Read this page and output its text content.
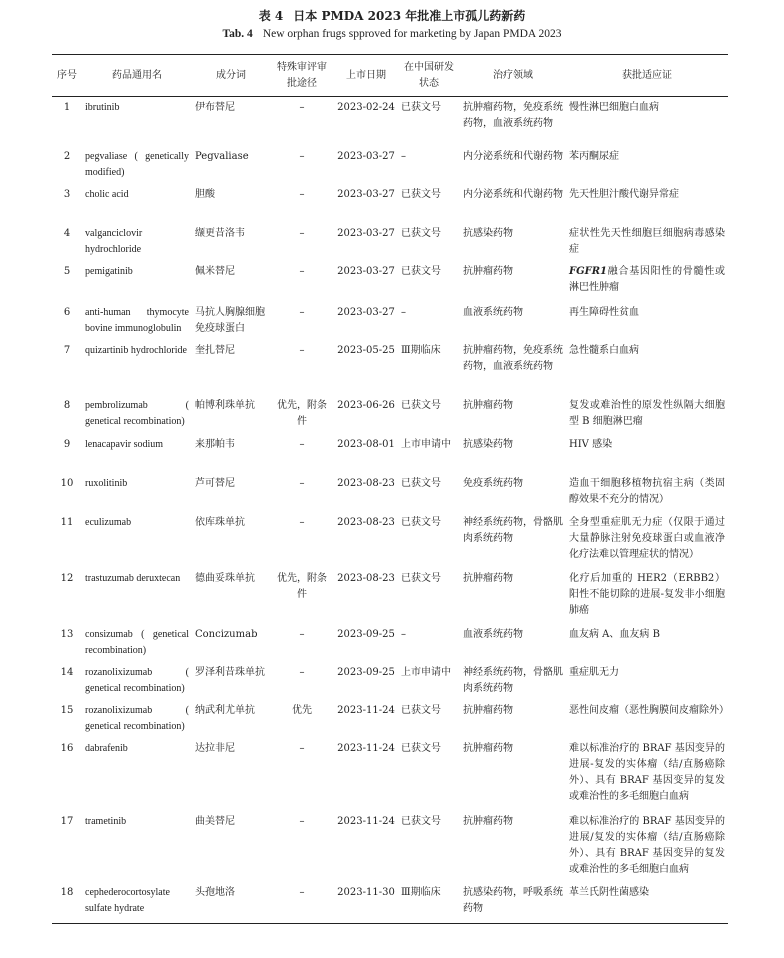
表 4 日本 PMDA 2023 年批准上市孤儿药新药
Tab. 4 New orphan frugs spproved for marketing by Japan PMDA 2023
序号	药品通用名	成分词	特殊审评审批途径	上市日期	在中国研发状态	治疗领域	获批适应证
1	ibrutinib	伊布替尼	–	2023-02-24	已获文号	抗肿瘤药物，免疫系统药物，血液系统药物	慢性淋巴细胞白血病
2	pegvaliase ( genetically modified)	Pegvaliase	–	2023-03-27	–	内分泌系统和代谢药物	苯丙酮尿症
3	cholic acid	胆酸	–	2023-03-27	已获文号	内分泌系统和代谢药物	先天性胆汁酸代谢异常症
4	valganciclovir hydrochloride	缬更昔洛韦	–	2023-03-27	已获文号	抗感染药物	症状性先天性细胞巨细胞病毒感染症
5	pemigatinib	佩米替尼	–	2023-03-27	已获文号	抗肿瘤药物	FGFR1融合基因阳性的骨髓性或淋巴性肿瘤
6	anti-human thymocyte bovine immunoglobulin	马抗人胸腺细胞免疫球蛋白	–	2023-03-27	–	血液系统药物	再生障碍性贫血
7	quizartinib hydrochloride	奎扎替尼	–	2023-05-25	Ⅲ期临床	抗肿瘤药物，免疫系统药物，血液系统药物	急性髓系白血病
8	pembrolizumab ( genetical recombination)	帕博利珠单抗	优先，附条件	2023-06-26	已获文号	抗肿瘤药物	复发或难治性的原发性纵隔大细胞型 B 细胞淋巴瘤
9	lenacapavir sodium	来那帕韦	–	2023-08-01	上市申请中	抗感染药物	HIV 感染
10	ruxolitinib	芦可替尼	–	2023-08-23	已获文号	免疫系统药物	造血干细胞移植物抗宿主病（类固醇效果不充分的情况）
11	eculizumab	依库珠单抗	–	2023-08-23	已获文号	神经系统药物，骨骼肌肉系统药物	全身型重症肌无力症（仅限于通过大量静脉注射免疫球蛋白或血液净化疗法难以管理症状的情况）
12	trastuzumab deruxtecan	德曲妥珠单抗	优先，附条件	2023-08-23	已获文号	抗肿瘤药物	化疗后加重的 HER2（ERBB2）阳性不能切除的进展-复发非小细胞肺癌
13	consizumab ( genetical recombination)	Concizumab	–	2023-09-25	–	血液系统药物	血友病 A、血友病 B
14	rozanolixizumab ( genetical recombination)	罗泽利昔珠单抗	–	2023-09-25	上市申请中	神经系统药物，骨骼肌肉系统药物	重症肌无力
15	rozanolixizumab ( genetical recombination)	纳武利尤单抗	优先	2023-11-24	已获文号	抗肿瘤药物	恶性间皮瘤（恶性胸膜间皮瘤除外）
16	dabrafenib	达拉非尼	–	2023-11-24	已获文号	抗肿瘤药物	难以标准治疗的 BRAF 基因变异的进展-复发的实体瘤（结/直肠癌除外）、具有 BRAF 基因变异的复发或难治性的多毛细胞白血病
17	trametinib	曲美替尼	–	2023-11-24	已获文号	抗肿瘤药物	难以标准治疗的 BRAF 基因变异的进展/复发的实体瘤（结/直肠癌除外）、具有 BRAF 基因变异的复发或难治性的多毛细胞白血病
18	cephederocortosylate sulfate hydrate	头孢地洛	–	2023-11-30	Ⅲ期临床	抗感染药物，呼吸系统药物	革兰氏阴性菌感染
